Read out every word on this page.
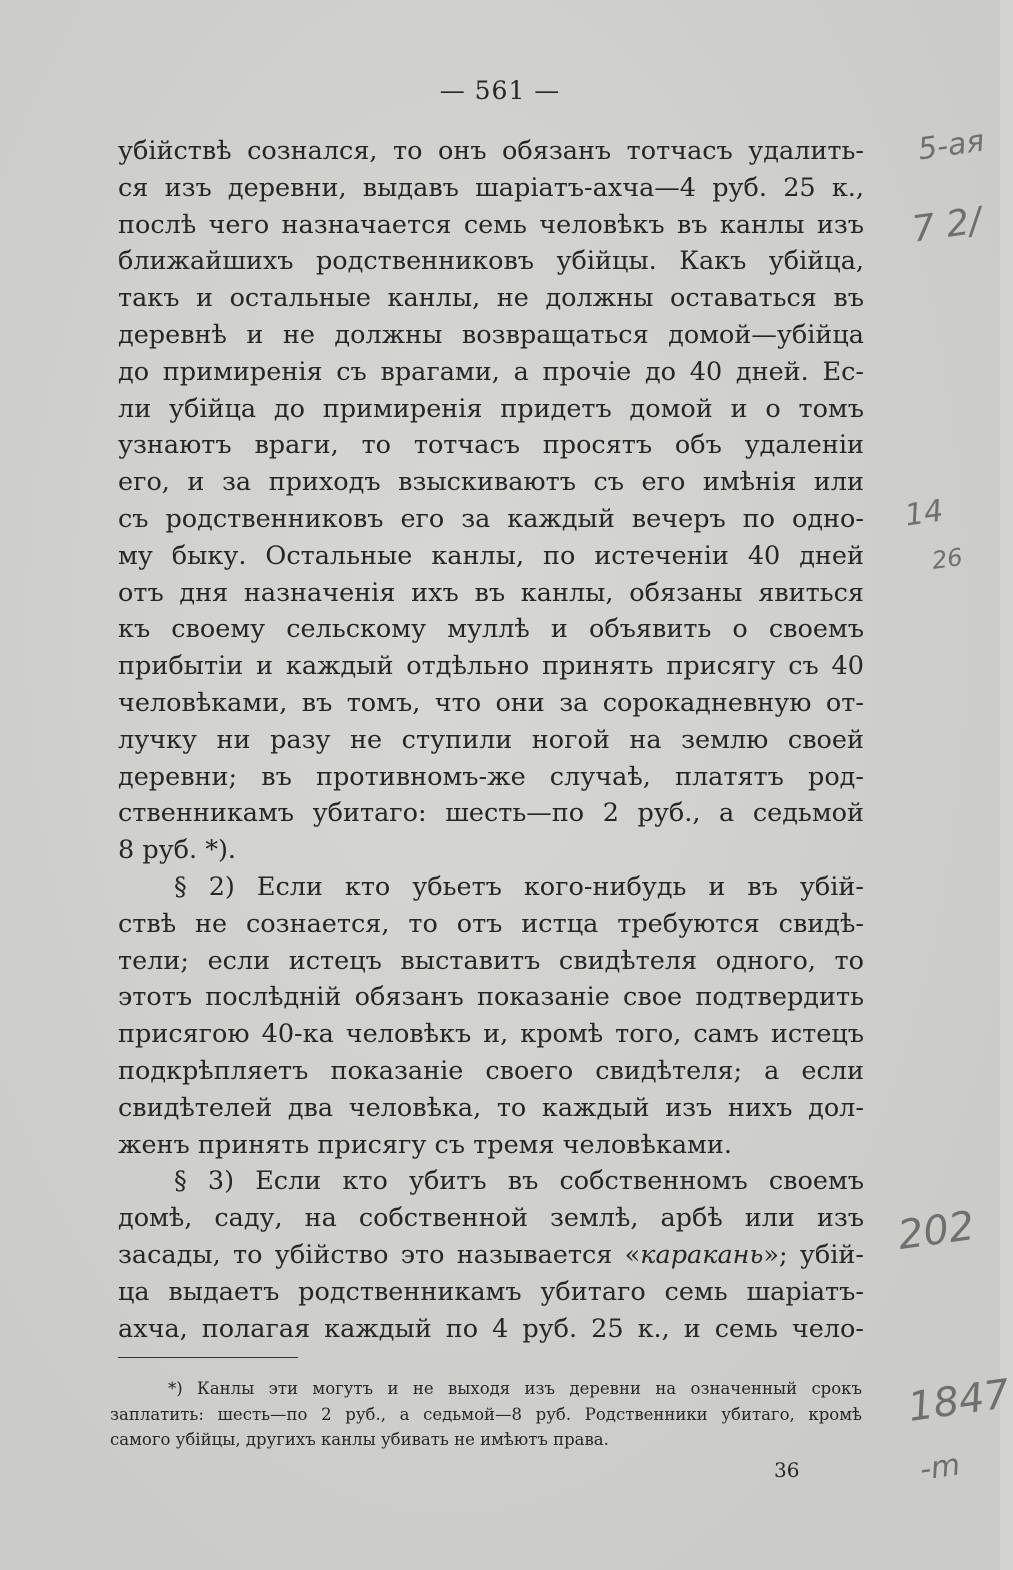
— 561 —
убійствѣ сознался, то онъ обязанъ тотчасъ удалить-
ся изъ деревни, выдавъ шаріатъ-ахча—4 руб. 25 к.,
послѣ чего назначается семь человѣкъ въ канлы изъ
ближайшихъ родственниковъ убійцы. Какъ убійца,
такъ и остальные канлы, не должны оставаться въ
деревнѣ и не должны возвращаться домой—убійца
до примиренія съ врагами, а прочіе до 40 дней. Ес-
ли убійца до примиренія придетъ домой и о томъ
узнаютъ враги, то тотчасъ просятъ объ удаленіи
его, и за приходъ взыскиваютъ съ его имѣнія или
съ родственниковъ его за каждый вечеръ по одно-
му быку. Остальные канлы, по истеченіи 40 дней
отъ дня назначенія ихъ въ канлы, обязаны явиться
къ своему сельскому муллѣ и объявить о своемъ
прибытіи и каждый отдѣльно принять присягу съ 40
человѣками, въ томъ, что они за сорокадневную от-
лучку ни разу не ступили ногой на землю своей
деревни; въ противномъ-же случаѣ, платятъ род-
ственникамъ убитаго: шесть—по 2 руб., а седьмой
8 руб. *).
§ 2) Если кто убьетъ кого-нибудь и въ убій-
ствѣ не сознается, то отъ истца требуются свидѣ-
тели; если истецъ выставитъ свидѣтеля одного, то
этотъ послѣдній обязанъ показаніе свое подтвердить
присягою 40-ка человѣкъ и, кромѣ того, самъ истецъ
подкрѣпляетъ показаніе своего свидѣтеля; а если
свидѣтелей два человѣка, то каждый изъ нихъ дол-
женъ принять присягу съ тремя человѣками.
§ 3) Если кто убитъ въ собственномъ своемъ
домѣ, саду, на собственной землѣ, арбѣ или изъ
засады, то убійство это называется «каракань»; убій-
ца выдаетъ родственникамъ убитаго семь шаріатъ-
ахча, полагая каждый по 4 руб. 25 к., и семь чело-
*) Канлы эти могутъ и не выходя изъ деревни на означенный срокъ
заплатить: шесть—по 2 руб., а седьмой—8 руб. Родственники убитаго, кромѣ
самого убійцы, другихъ канлы убивать не имѣютъ права.
36
5-ая
7 2/
14
26
202
1847
-m
